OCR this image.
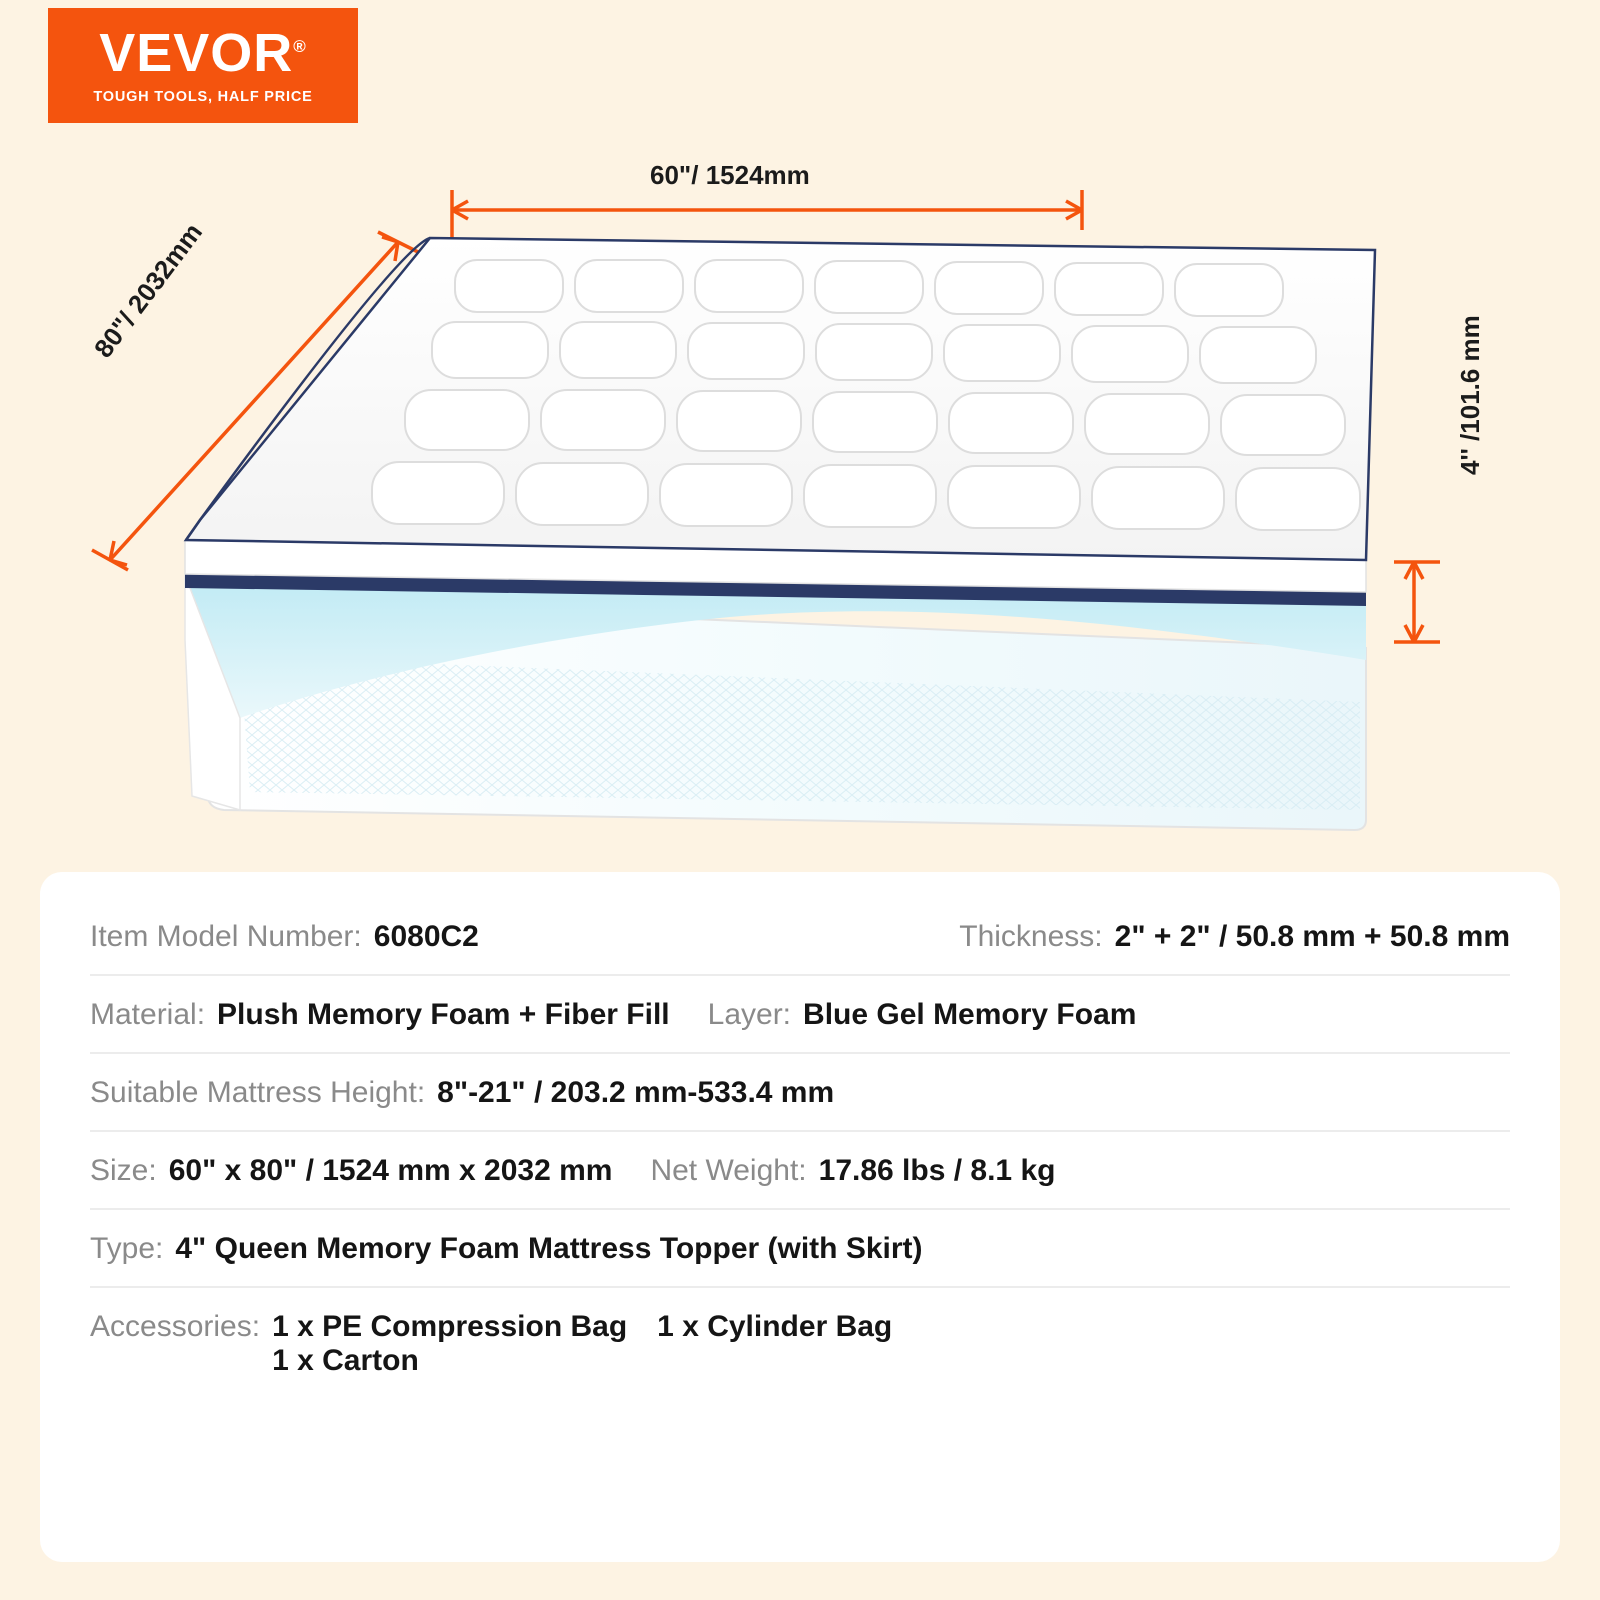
VEVOR®
TOUGH TOOLS, HALF PRICE
60"/ 1524mm
80"/ 2032mm
4'' /101.6 mm
Item Model Number: 6080C2	Thickness: 2" + 2" / 50.8 mm + 50.8 mm
Material: Plush Memory Foam + Fiber Fill Layer: Blue Gel Memory Foam
Suitable Mattress Height: 8"-21" / 203.2 mm-533.4 mm
Size: 60" x 80" / 1524 mm x 2032 mm Net Weight: 17.86 lbs / 8.1 kg
Type: 4" Queen Memory Foam Mattress Topper (with Skirt)
Accessories: 1 x PE Compression Bag 1 x Cylinder Bag
1 x Carton
